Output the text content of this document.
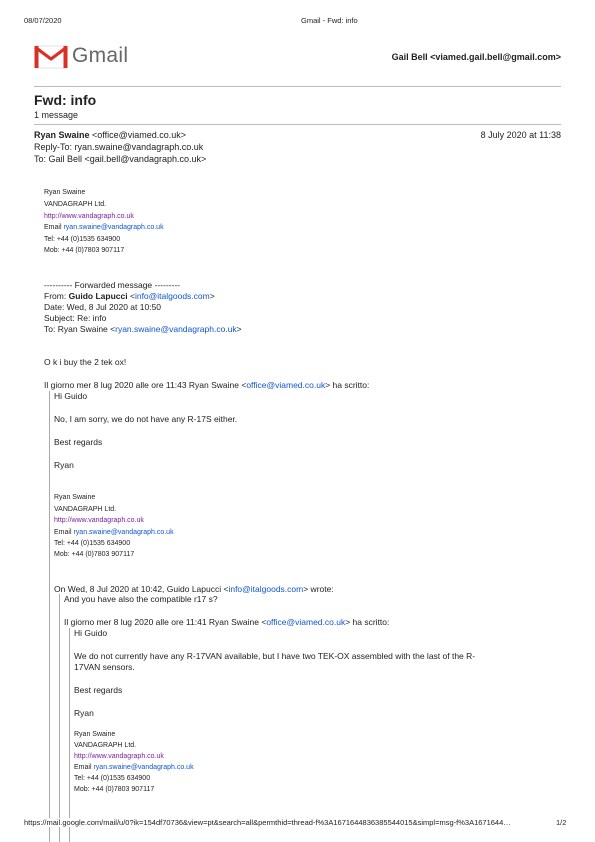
08/07/2020	Gmail - Fwd: info
Gmail	Gail Bell <viamed.gail.bell@gmail.com>
Fwd: info
1 message
Ryan Swaine <office@viamed.co.uk>	8 July 2020 at 11:38
Reply-To: ryan.swaine@vandagraph.co.uk
To: Gail Bell <gail.bell@vandagraph.co.uk>
Ryan Swaine
VANDAGRAPH Ltd.
http://www.vandagraph.co.uk
Email ryan.swaine@vandagraph.co.uk
Tel: +44 (0)1535 634900
Mob: +44 (0)7803 907117
---------- Forwarded message ---------
From: Guido Lapucci <info@italgoods.com>
Date: Wed, 8 Jul 2020 at 10:50
Subject: Re: info
To: Ryan Swaine <ryan.swaine@vandagraph.co.uk>
O k i buy the 2 tek ox!
Il giorno mer 8 lug 2020 alle ore 11:43 Ryan Swaine <office@viamed.co.uk> ha scritto:
Hi Guido
No, I am sorry, we do not have any R-17S either.
Best regards
Ryan
Ryan Swaine
VANDAGRAPH Ltd.
http://www.vandagraph.co.uk
Email ryan.swaine@vandagraph.co.uk
Tel: +44 (0)1535 634900
Mob: +44 (0)7803 907117
On Wed, 8 Jul 2020 at 10:42, Guido Lapucci <info@italgoods.com> wrote:
And you have also the compatible r17 s?
Il giorno mer 8 lug 2020 alle ore 11:41 Ryan Swaine <office@viamed.co.uk> ha scritto:
Hi Guido
We do not currently have any R-17VAN available, but I have two TEK-OX assembled with the last of the R-
17VAN sensors.
Best regards
Ryan
Ryan Swaine
VANDAGRAPH Ltd.
http://www.vandagraph.co.uk
Email ryan.swaine@vandagraph.co.uk
Tel: +44 (0)1535 634900
Mob: +44 (0)7803 907117
https://mail.google.com/mail/u/0?ik=154df70736&view=pt&search=all&permthid=thread-f%3A1671644836385544015&simpl=msg-f%3A1671644…	1/2
